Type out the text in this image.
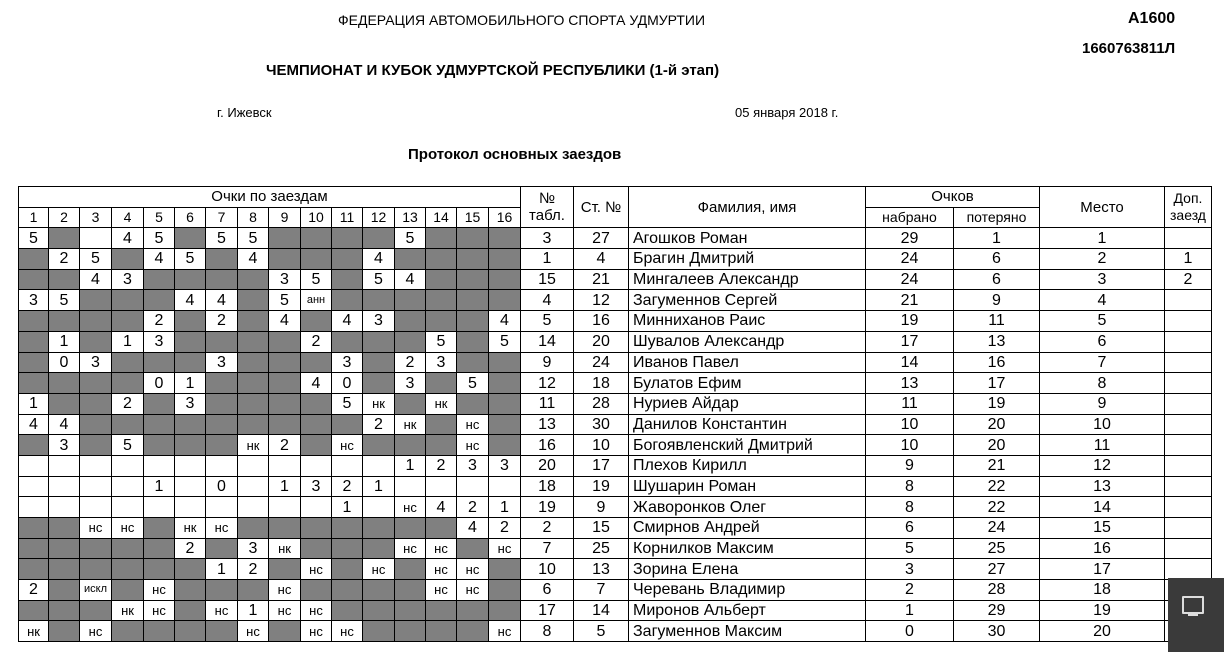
ФЕДЕРАЦИЯ АВТОМОБИЛЬНОГО СПОРТА УДМУРТИИ	A1600
1660763811Л
ЧЕМПИОНАТ И КУБОК УДМУРТСКОЙ РЕСПУБЛИКИ (1-й этап)
г. Ижевск	05 января 2018 г.
Протокол основных заездов
Очки по заездам																№ табл.	Ст. №	Фамилия, имя	Очков		Место	Доп. заезд
1	2	3	4	5	6	7	8	9	10	11	12	13	14	15	16				набрано	потеряно		
5			4	5		5	5					5				3	27	Агошков Роман	29	1	1	
	2	5		4	5		4				4					1	4	Брагин Дмитрий	24	6	2	1
		4	3					3	5		5	4				15	21	Мингалеев Александр	24	6	3	2
3	5				4	4		5	анн							4	12	Загуменнов Сергей	21	9	4	
				2		2		4		4	3				4	5	16	Минниханов Раис	19	11	5	
	1		1	3					2				5		5	14	20	Шувалов Александр	17	13	6	
	0	3				3				3		2	3			9	24	Иванов Павел	14	16	7	
				0	1				4	0		3		5		12	18	Булатов Ефим	13	17	8	
1			2		3					5	нк		нк			11	28	Нуриев Айдар	11	19	9	
4	4										2	нк		нс		13	30	Данилов Константин	10	20	10	
	3		5				нк	2		нс				нс		16	10	Богоявленский Дмитрий	10	20	11	
												1	2	3	3	20	17	Плехов Кирилл	9	21	12	
				1		0		1	3	2	1					18	19	Шушарин Роман	8	22	13	
										1		нс	4	2	1	19	9	Жаворонков Олег	8	22	14	
		нс	нс		нк	нс								4	2	2	15	Смирнов Андрей	6	24	15	
					2		3	нк				нс	нс		нс	7	25	Корнилков Максим	5	25	16	
						1	2		нс		нс		нс	нс		10	13	Зорина Елена	3	27	17	
2		искл		нс				нс					нс	нс		6	7	Черевань Владимир	2	28	18	
			нк	нс		нс	1	нс	нс							17	14	Миронов Альберт	1	29	19	
нк		нс					нс		нс	нс					нс	8	5	Загуменнов Максим	0	30	20	
